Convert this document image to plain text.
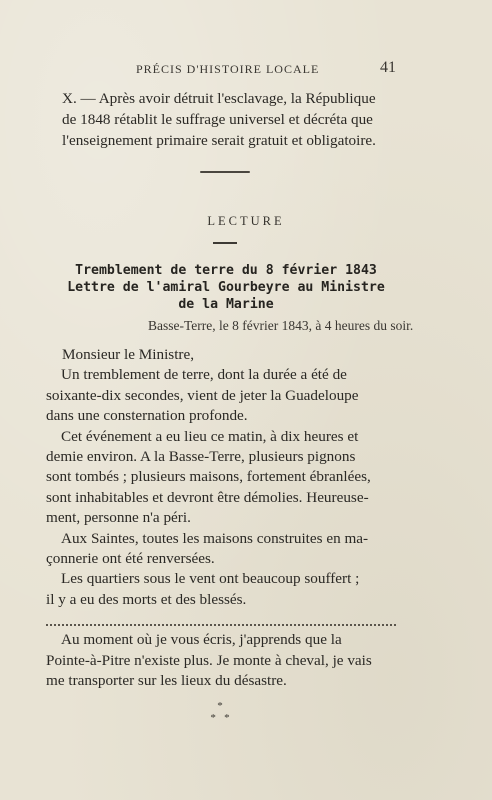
PRÉCIS D'HISTOIRE LOCALE	41
X. — Après avoir détruit l'esclavage, la République
de 1848 rétablit le suffrage universel et décréta que
l'enseignement primaire serait gratuit et obligatoire.
LECTURE
Tremblement de terre du 8 février 1843
Lettre de l'amiral Gourbeyre au Ministre
de la Marine
Basse-Terre, le 8 février 1843, à 4 heures du soir.
Monsieur le Ministre,
Un tremblement de terre, dont la durée a été de
soixante-dix secondes, vient de jeter la Guadeloupe
dans une consternation profonde.
Cet événement a eu lieu ce matin, à dix heures et
demie environ. A la Basse-Terre, plusieurs pignons
sont tombés ; plusieurs maisons, fortement ébranlées,
sont inhabitables et devront être démolies. Heureuse-
ment, personne n'a péri.
Aux Saintes, toutes les maisons construites en ma-
çonnerie ont été renversées.
Les quartiers sous le vent ont beaucoup souffert ;
il y a eu des morts et des blessés.
Au moment où je vous écris, j'apprends que la
Pointe-à-Pitre n'existe plus. Je monte à cheval, je vais
me transporter sur les lieux du désastre.
*
*   *
